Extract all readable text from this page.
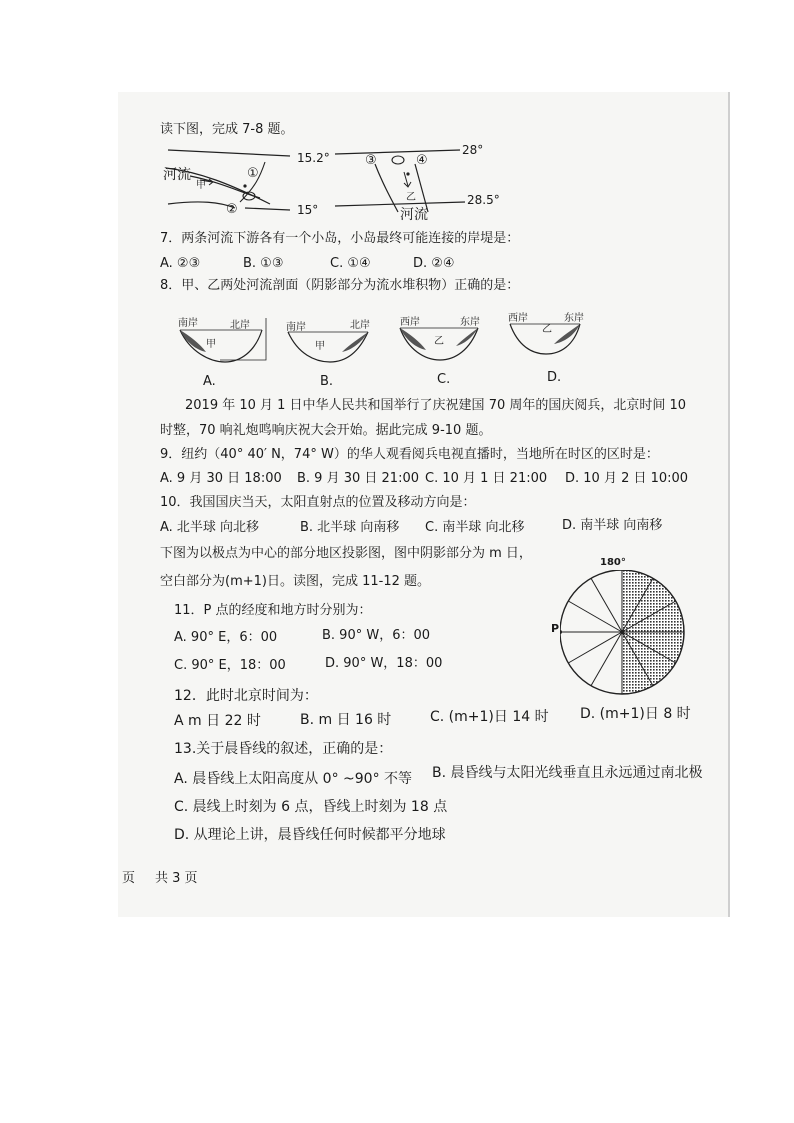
读下图，完成 7-8 题。
15.2°
15°
河流
甲
①
②
28°
28.5°
河流
乙
③	④
7．两条河流下游各有一个小岛，小岛最终可能连接的岸堤是：
A. ②③	B. ①③	C. ①④	D. ②④
8．甲、乙两处河流剖面（阴影部分为流水堆积物）正确的是：
南岸	北岸
甲
南岸	北岸
甲
西岸	东岸
乙
西岸	东岸
乙
A.	B.	C.	D.
2019 年 10 月 1 日中华人民共和国举行了庆祝建国 70 周年的国庆阅兵，北京时间 10
时整，70 响礼炮鸣响庆祝大会开始。据此完成 9-10 题。
9．纽约（40° 40′ N，74° W）的华人观看阅兵电视直播时，当地所在时区的区时是：
A. 9 月 30 日 18:00 B. 9 月 30 日 21:00 C. 10 月 1 日 21:00 D. 10 月 2 日 10:00
10．我国国庆当天，太阳直射点的位置及移动方向是：
A. 北半球 向北移	B. 北半球 向南移 C. 南半球 向北移	D. 南半球 向南移
下图为以极点为中心的部分地区投影图，图中阴影部分为 m 日，
空白部分为(m+1)日。读图，完成 11-12 题。
180°
P
11．P 点的经度和地方时分别为：
A. 90° E，6：00	B. 90° W，6：00
C. 90° E，18：00	D. 90° W，18：00
12．此时北京时间为：
A m 日 22 时	B. m 日 16 时	C. (m+1)日 14 时 D. (m+1)日 8 时
13.关于晨昏线的叙述，正确的是：
A. 晨昏线上太阳高度从 0° ~90° 不等 B. 晨昏线与太阳光线垂直且永远通过南北极
C. 晨线上时刻为 6 点，昏线上时刻为 18 点
D. 从理论上讲，晨昏线任何时候都平分地球
页 共 3 页
